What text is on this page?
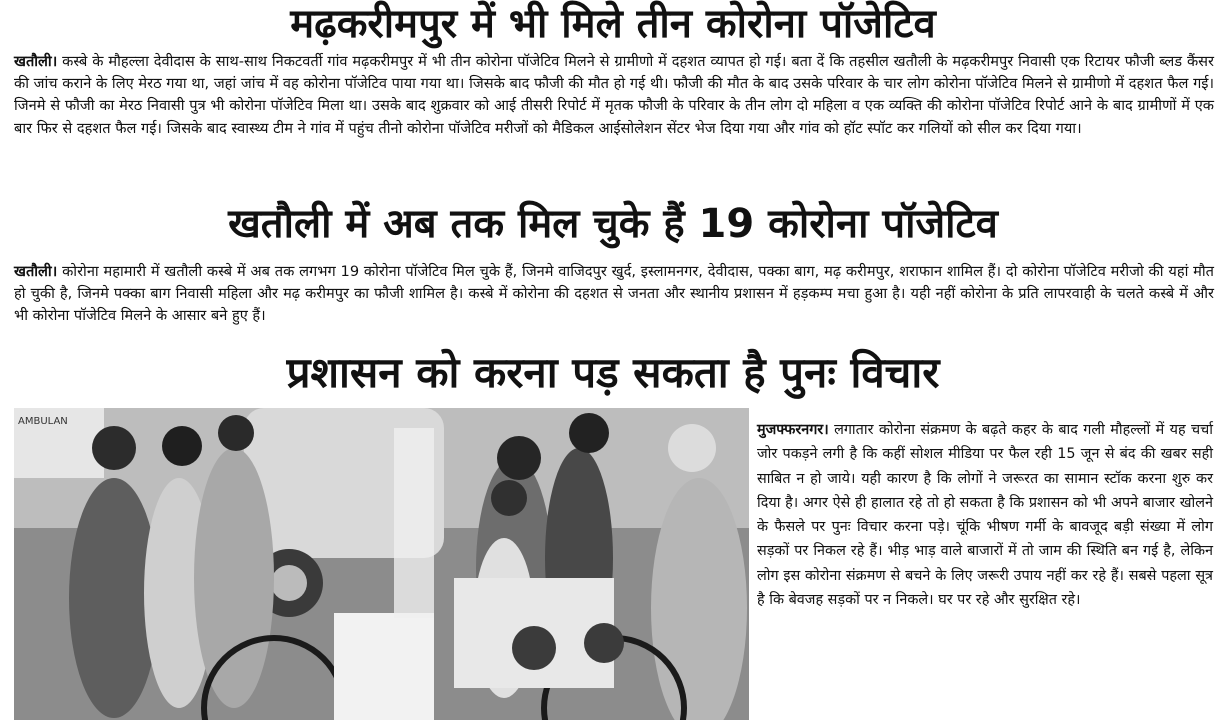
मढ़करीमपुर में भी मिले तीन कोरोना पॉजेटिव

खतौली। कस्बे के मौहल्ला देवीदास के साथ-साथ निकटवर्ती गांव मढ़करीमपुर में भी तीन कोरोना पॉजेटिव मिलने से ग्रामीणो में दहशत व्यापत हो गई। बता दें कि तहसील खतौली के मढ़करीमपुर निवासी एक रिटायर फौजी ब्लड कैंसर की जांच कराने के लिए मेरठ गया था, जहां जांच में वह कोरोना पॉजेटिव पाया गया था। जिसके बाद फौजी की मौत हो गई थी। फौजी की मौत के बाद उसके परिवार के चार लोग कोरोना पॉजेटिव मिलने से ग्रामीणो में दहशत फैल गई। जिनमे से फौजी का मेरठ निवासी पुत्र भी कोरोना पॉजेटिव मिला था। उसके बाद शुक्रवार को आई तीसरी रिपोर्ट में मृतक फौजी के परिवार के तीन लोग दो महिला व एक व्यक्ति की कोरोना पॉजेटिव रिपोर्ट आने के बाद ग्रामीणों में एक बार फिर से दहशत फैल गई। जिसके बाद स्वास्थ्य टीम ने गांव में पहुंच तीनो कोरोना पॉजेटिव मरीजों को मैडिकल आईसोलेशन सेंटर भेज दिया गया और गांव को हॉट स्पॉट कर गलियों को सील कर दिया गया।

खतौली में अब तक मिल चुके हैं 19 कोरोना पॉजेटिव

खतौली। कोरोना महामारी में खतौली कस्बे में अब तक लगभग 19 कोरोना पॉजेटिव मिल चुके हैं, जिनमे वाजिदपुर खुर्द, इस्लामनगर, देवीदास, पक्का बाग, मढ़ करीमपुर, शराफान शामिल हैं। दो कोरोना पॉजेटिव मरीजो की यहां मौत हो चुकी है, जिनमे पक्का बाग निवासी महिला और मढ़ करीमपुर का फौजी शामिल है। कस्बे में कोरोना की दहशत से जनता और स्थानीय प्रशासन में हड़कम्प मचा हुआ है। यही नहीं कोरोना के प्रति लापरवाही के चलते कस्बे में और भी कोरोना पॉजेटिव मिलने के आसार बने हुए हैं।

प्रशासन को करना पड़ सकता है पुनः विचार
AMBULAN

मुजफ्फरनगर। लगातार कोरोना संक्रमण के बढ़ते कहर के बाद गली मौहल्लों में यह चर्चा जोर पकड़ने लगी है कि कहीं सोशल मीडिया पर फैल रही 15 जून से बंद की खबर सही साबित न हो जाये। यही कारण है कि लोगों ने जरूरत का सामान स्टॉक करना शुरु कर दिया है। अगर ऐसे ही हालात रहे तो हो सकता है कि प्रशासन को भी अपने बाजार खोलने के फैसले पर पुनः विचार करना पड़े। चूंकि भीषण गर्मी के बावजूद बड़ी संख्या में लोग सड़कों पर निकल रहे हैं। भीड़ भाड़ वाले बाजारों में तो जाम की स्थिति बन गई है, लेकिन लोग इस कोरोना संक्रमण से बचने के लिए जरूरी उपाय नहीं कर रहे हैं। सबसे पहला सूत्र है कि बेवजह सड़कों पर न निकले। घर पर रहे और सुरक्षित रहे।
